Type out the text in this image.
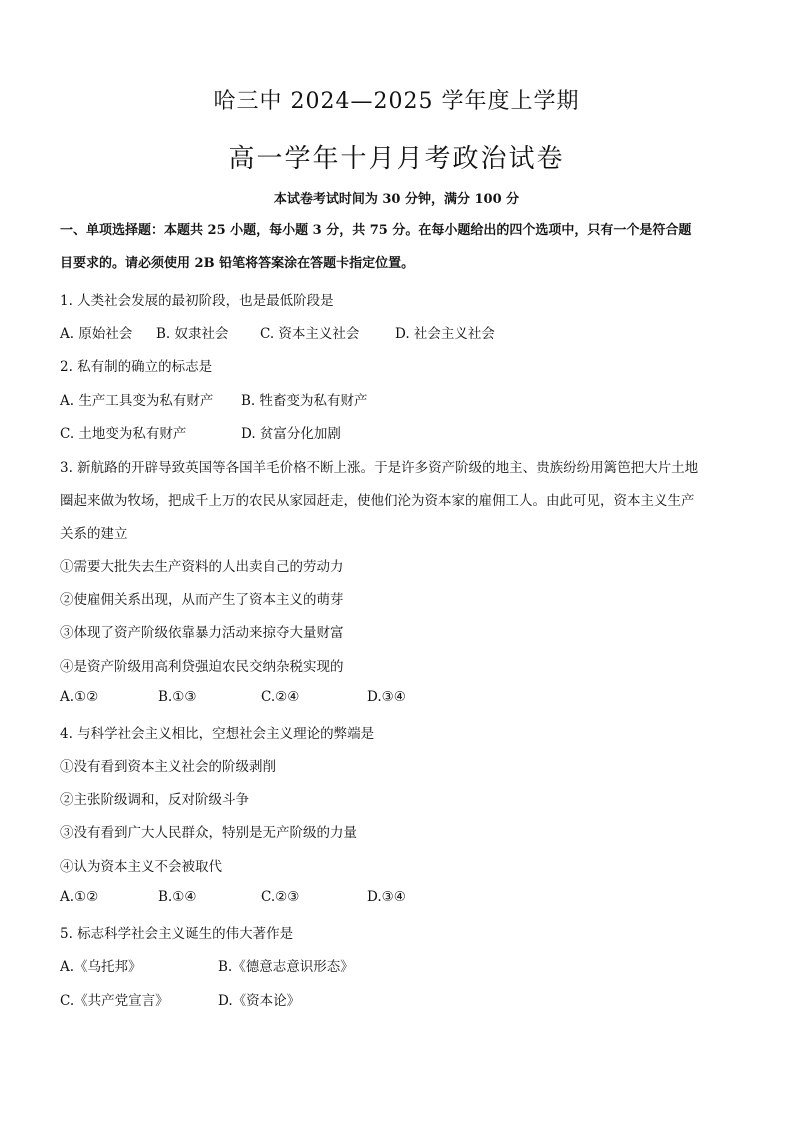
哈三中 2024—2025 学年度上学期
高一学年十月月考政治试卷
本试卷考试时间为 30 分钟，满分 100 分
一、单项选择题：本题共 25 小题，每小题 3 分，共 75 分。在每小题给出的四个选项中，只有一个是符合题
目要求的。请必须使用 2B 铅笔将答案涂在答题卡指定位置。
1. 人类社会发展的最初阶段，也是最低阶段是
A. 原始社会 B. 奴隶社会 C. 资本主义社会	D. 社会主义社会
2. 私有制的确立的标志是
A. 生产工具变为私有财产 B. 牲畜变为私有财产
C. 土地变为私有财产	D. 贫富分化加剧
3. 新航路的开辟导致英国等各国羊毛价格不断上涨。于是许多资产阶级的地主、贵族纷纷用篱笆把大片土地
圈起来做为牧场，把成千上万的农民从家园赶走，使他们沦为资本家的雇佣工人。由此可见，资本主义生产
关系的建立
①需要大批失去生产资料的人出卖自己的劳动力
②使雇佣关系出现，从而产生了资本主义的萌芽
③体现了资产阶级依靠暴力活动来掠夺大量财富
④是资产阶级用高利贷强迫农民交纳杂税实现的
A.①②	B.①③	C.②④	D.③④
4. 与科学社会主义相比，空想社会主义理论的弊端是
①没有看到资本主义社会的阶级剥削
②主张阶级调和，反对阶级斗争
③没有看到广大人民群众，特别是无产阶级的力量
④认为资本主义不会被取代
A.①②	B.①④	C.②③	D.③④
5. 标志科学社会主义诞生的伟大著作是
A.《乌托邦》	B.《德意志意识形态》
C.《共产党宣言》	D.《资本论》
